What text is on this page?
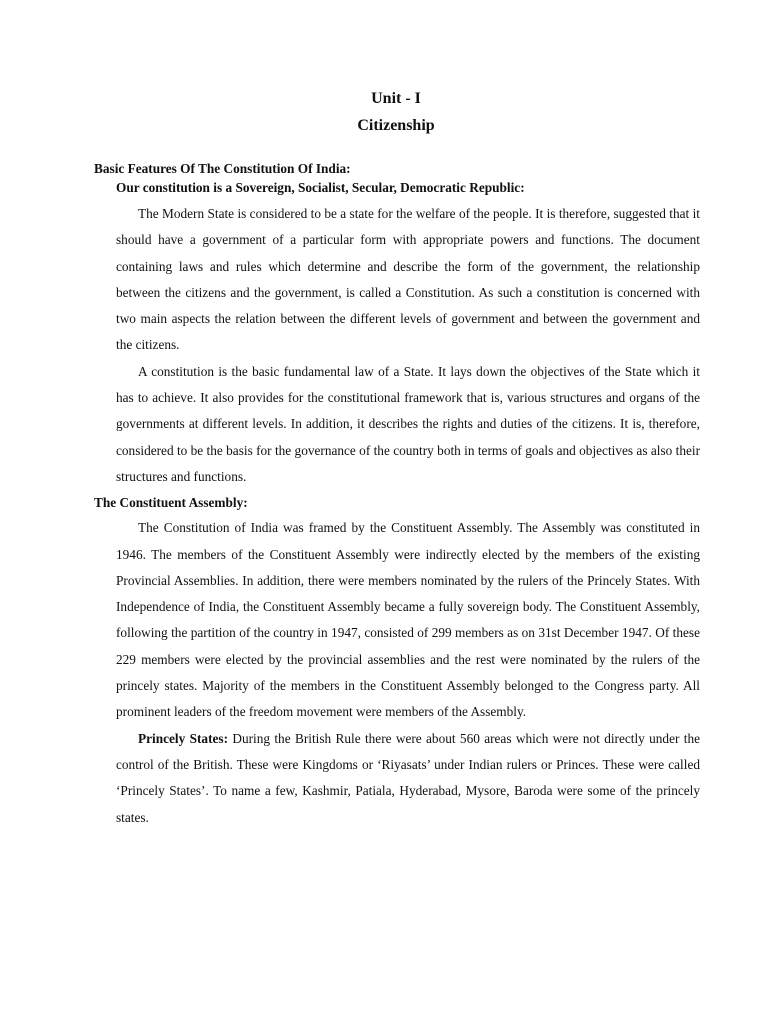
Unit - I
Citizenship

Basic Features Of The Constitution Of India:

Our constitution is a Sovereign, Socialist, Secular, Democratic Republic:

The Modern State is considered to be a state for the welfare of the people. It is therefore, suggested that it should have a government of a particular form with appropriate powers and functions. The document containing laws and rules which determine and describe the form of the government, the relationship between the citizens and the government, is called a Constitution. As such a constitution is concerned with two main aspects the relation between the different levels of government and between the government and the citizens.

A constitution is the basic fundamental law of a State. It lays down the objectives of the State which it has to achieve. It also provides for the constitutional framework that is, various structures and organs of the governments at different levels. In addition, it describes the rights and duties of the citizens. It is, therefore, considered to be the basis for the governance of the country both in terms of goals and objectives as also their structures and functions.

The Constituent Assembly:

The Constitution of India was framed by the Constituent Assembly. The Assembly was constituted in 1946. The members of the Constituent Assembly were indirectly elected by the members of the existing Provincial Assemblies. In addition, there were members nominated by the rulers of the Princely States. With Independence of India, the Constituent Assembly became a fully sovereign body. The Constituent Assembly, following the partition of the country in 1947, consisted of 299 members as on 31st December 1947. Of these 229 members were elected by the provincial assemblies and the rest were nominated by the rulers of the princely states. Majority of the members in the Constituent Assembly belonged to the Congress party. All prominent leaders of the freedom movement were members of the Assembly.

Princely States: During the British Rule there were about 560 areas which were not directly under the control of the British. These were Kingdoms or ‘Riyasats’ under Indian rulers or Princes. These were called ‘Princely States’. To name a few, Kashmir, Patiala, Hyderabad, Mysore, Baroda were some of the princely states.
